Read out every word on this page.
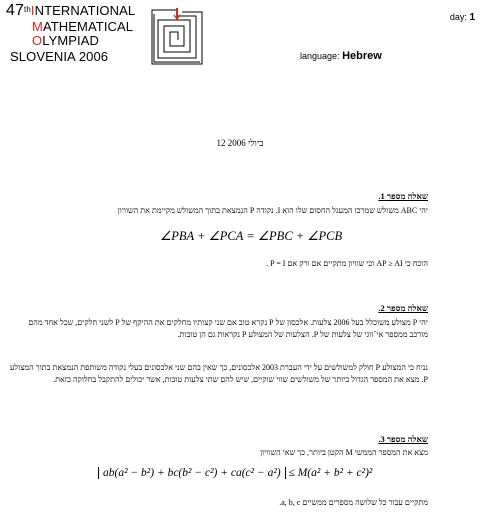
47thINTERNATIONAL
MATHEMATICAL
OLYMPIAD
SLOVENIA 2006
day: 1
language: Hebrew
12 ביולי 2006
שאלה מספר 1.
יהי ABC משולש שמרכז המעגל החסום שלו הוא I. נקודה P הנמצאת בתוך המשולש מקיימת את השוויון
∠PBA + ∠PCA = ∠PBC + ∠PCB
הוכח כי AP ≥ AI וכי שוויון מתקיים אם ורק אם P = I .
שאלה מספר 2.
יהי P מצולע משוכלל בעל 2006 צלעות. אלכסון של P נקרא טוב אם שני קצותיו מחלקים את ההיקף של P לשני חלקים, שכל אחד מהם מורכב ממספר אי־זוגי של צלעות של P. הצלעות של המצולע P נקראות גם הן טובות.
נניח כי המצולע P חולק למשולשים על ידי העברת 2003 אלכסונים, כך שאין בהם שני אלכסונים בעלי נקודה משותפת הנמצאת בתוך המצולע P. מצא את המספר הגדול ביותר של משולשים שווי שוקיים, שיש להם שתי צלעות טובות, אשר יכולים להתקבל בחלוקה כזאת.
שאלה מספר 3.
מצא את המספר הממשי M הקטן ביותר, כך שאי השוויון
ab(a² − b²) + bc(b² − c²) + ca(c² − a²) ≤ M(a² + b² + c²)²
מתקיים עבור כל שלושה מספרים ממשיים a, b, c.
